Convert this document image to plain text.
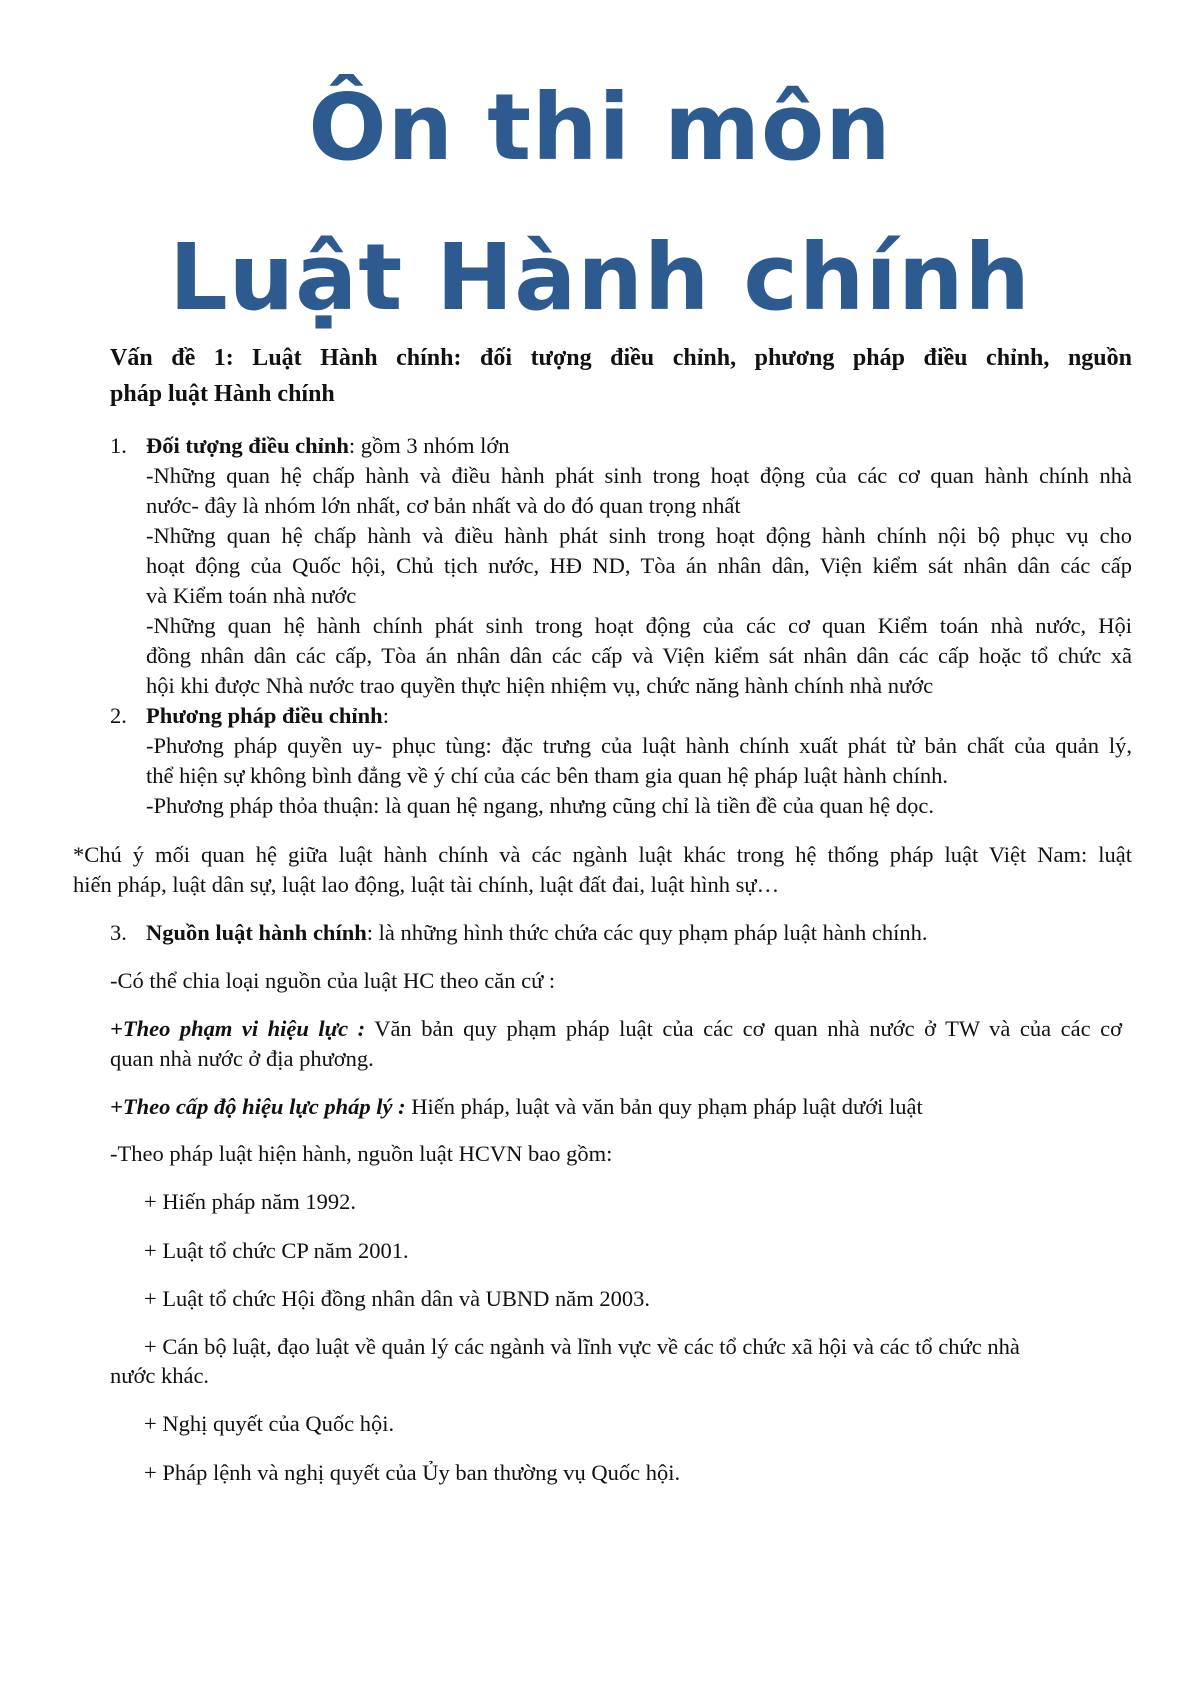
Ôn thi môn
Luật Hành chính
Vấn đề 1: Luật Hành chính: đối tượng điều chỉnh, phương pháp điều chỉnh, nguồn
pháp luật Hành chính
1. Đối tượng điều chỉnh: gồm 3 nhóm lớn
-Những quan hệ chấp hành và điều hành phát sinh trong hoạt động của các cơ quan hành chính nhà
nước- đây là nhóm lớn nhất, cơ bản nhất và do đó quan trọng nhất
-Những quan hệ chấp hành và điều hành phát sinh trong hoạt động hành chính nội bộ phục vụ cho
hoạt động của Quốc hội, Chủ tịch nước, HĐ ND, Tòa án nhân dân, Viện kiểm sát nhân dân các cấp
và Kiểm toán nhà nước
-Những quan hệ hành chính phát sinh trong hoạt động của các cơ quan Kiểm toán nhà nước, Hội
đồng nhân dân các cấp, Tòa án nhân dân các cấp và Viện kiểm sát nhân dân các cấp hoặc tổ chức xã
hội khi được Nhà nước trao quyền thực hiện nhiệm vụ, chức năng hành chính nhà nước
2. Phương pháp điều chỉnh:
-Phương pháp quyền uy- phục tùng: đặc trưng của luật hành chính xuất phát từ bản chất của quản lý,
thể hiện sự không bình đẳng về ý chí của các bên tham gia quan hệ pháp luật hành chính.
-Phương pháp thỏa thuận: là quan hệ ngang, nhưng cũng chỉ là tiền đề của quan hệ dọc.
*Chú ý mối quan hệ giữa luật hành chính và các ngành luật khác trong hệ thống pháp luật Việt Nam: luật
hiến pháp, luật dân sự, luật lao động, luật tài chính, luật đất đai, luật hình sự…
3. Nguồn luật hành chính: là những hình thức chứa các quy phạm pháp luật hành chính.
-Có thể chia loại nguồn của luật HC theo căn cứ :
+Theo phạm vi hiệu lực : Văn bản quy phạm pháp luật của các cơ quan nhà nước ở TW và của các cơ
quan nhà nước ở địa phương.
+Theo cấp độ hiệu lực pháp lý : Hiến pháp, luật và văn bản quy phạm pháp luật dưới luật
-Theo pháp luật hiện hành, nguồn luật HCVN bao gồm:
+ Hiến pháp năm 1992.
+ Luật tổ chức CP năm 2001.
+ Luật tổ chức Hội đồng nhân dân và UBND năm 2003.
+ Cán bộ luật, đạo luật về quản lý các ngành và lĩnh vực về các tổ chức xã hội và các tổ chức nhà
nước khác.
+ Nghị quyết của Quốc hội.
+ Pháp lệnh và nghị quyết của Ủy ban thường vụ Quốc hội.
